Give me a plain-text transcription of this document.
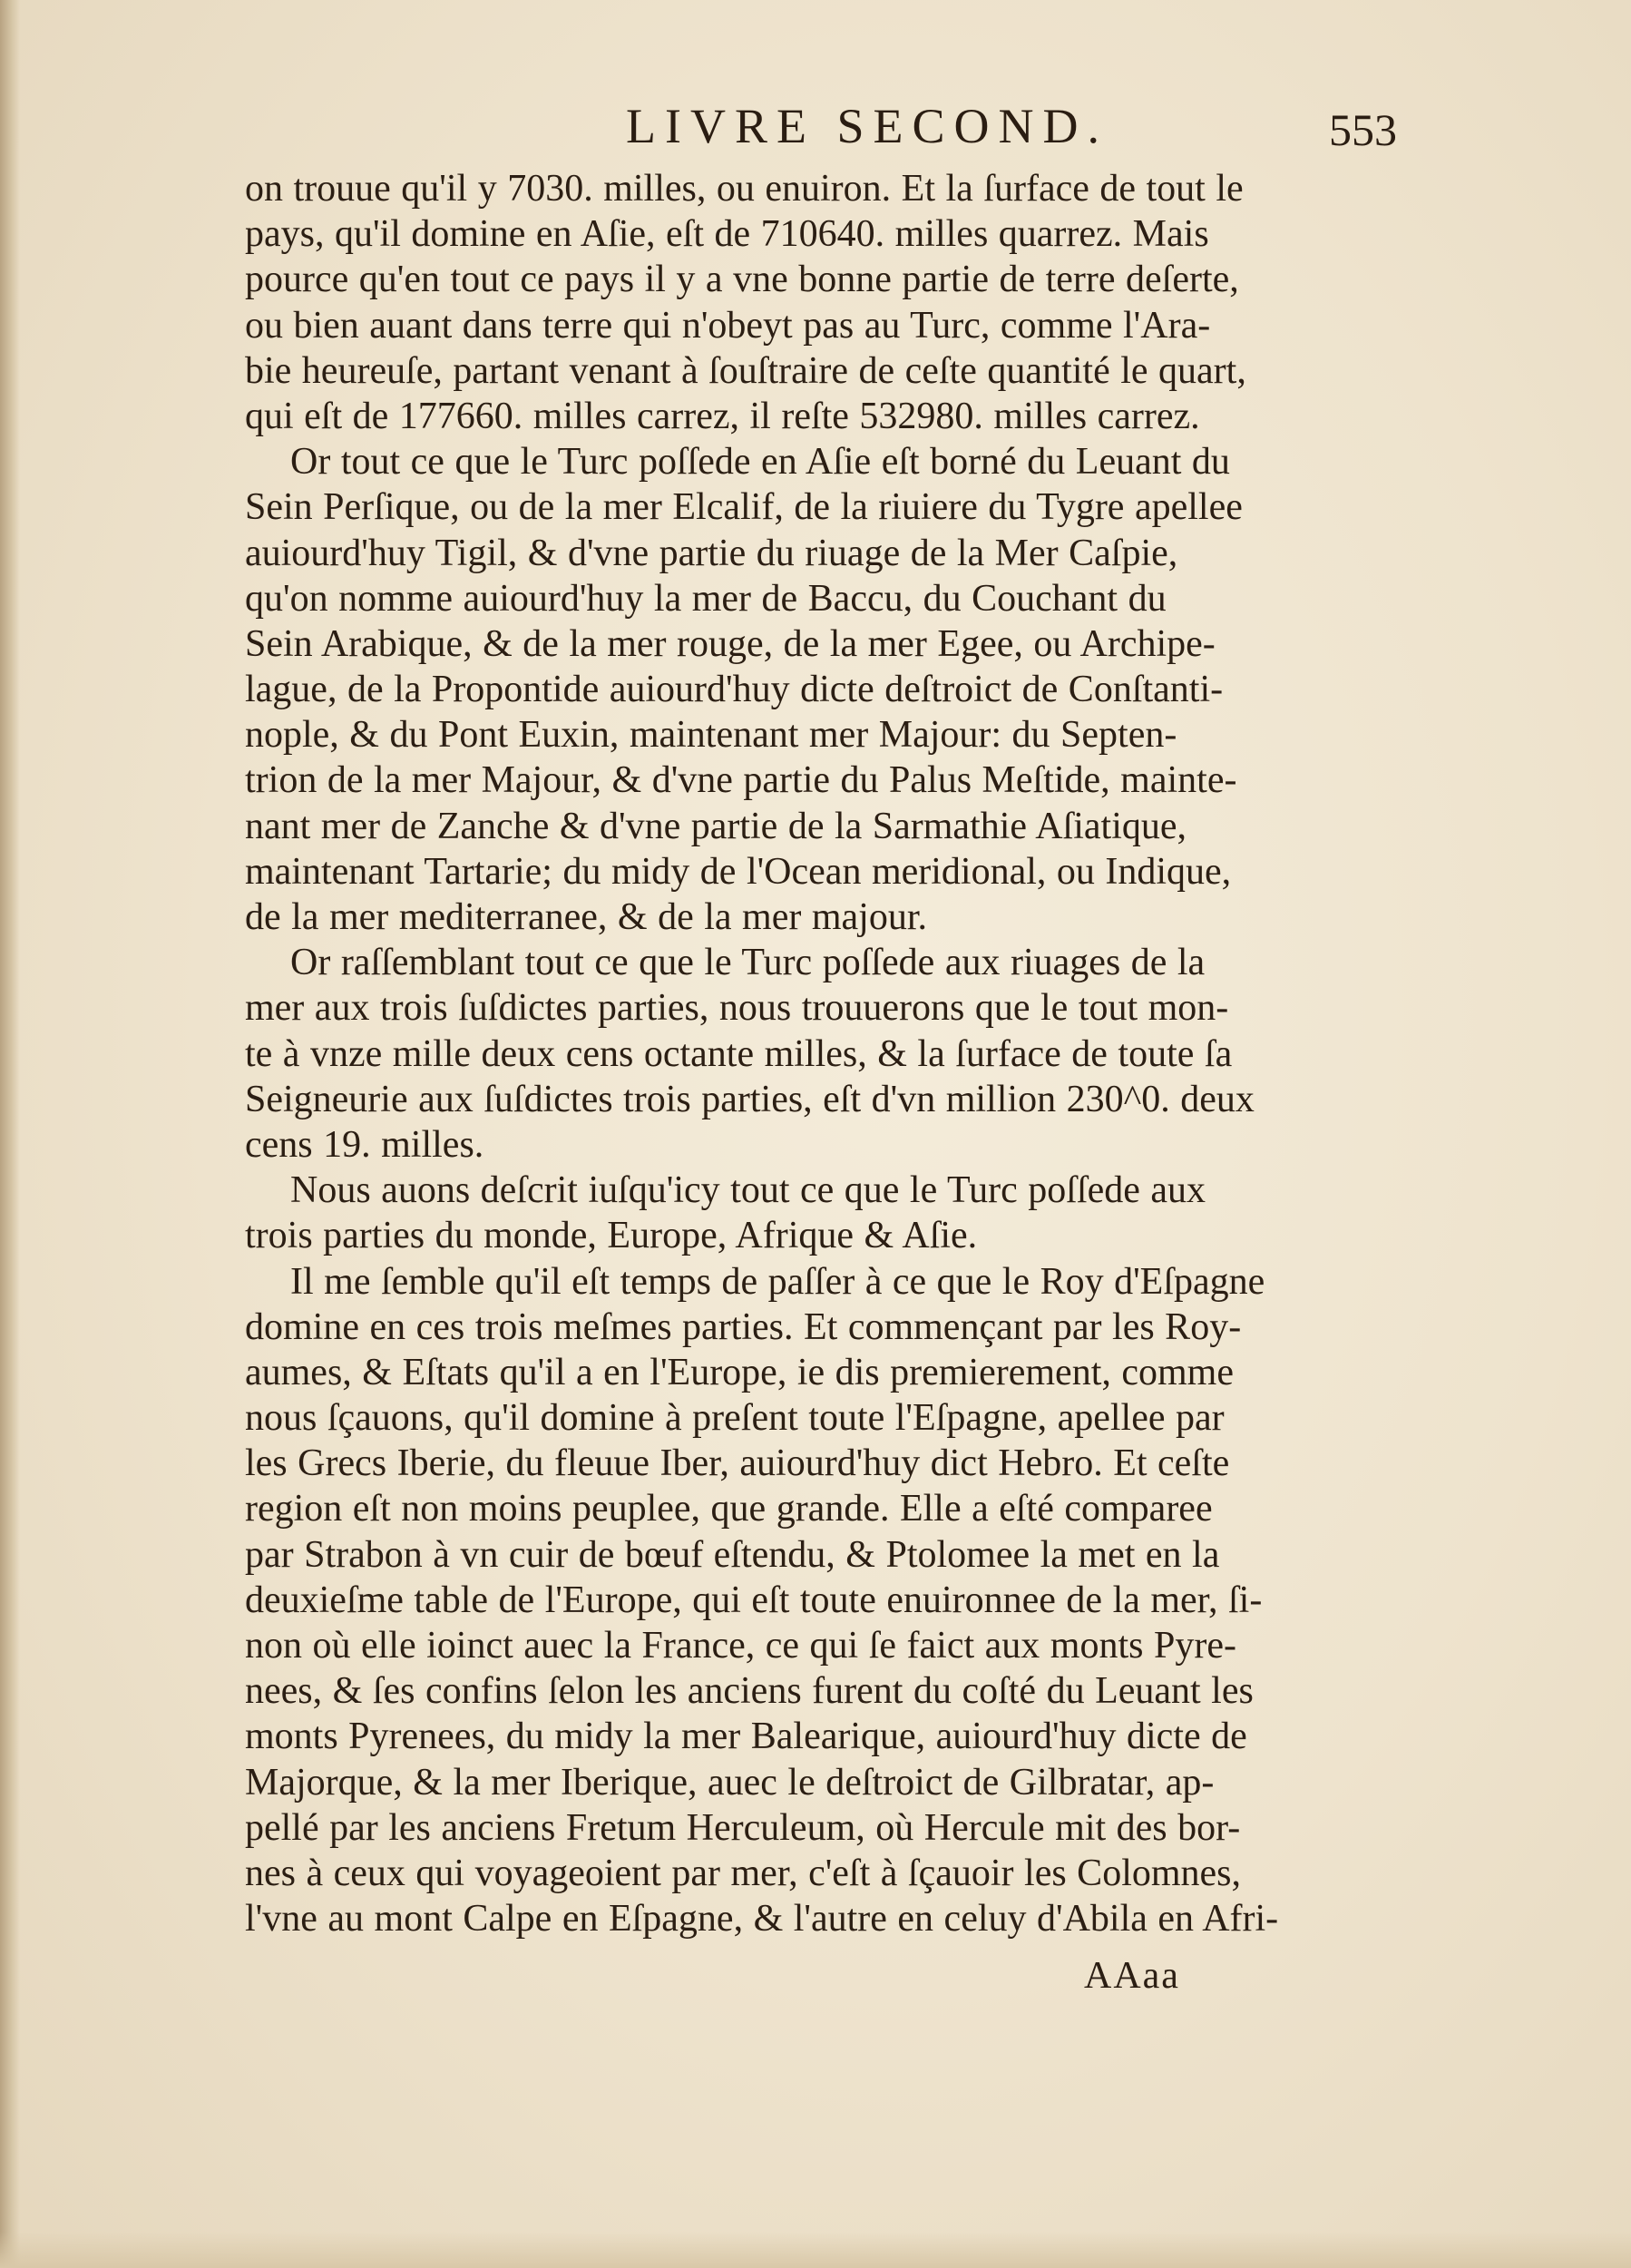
LIVRE SECOND.	553
on trouue qu'il y 7030. milles, ou enuiron. Et la ſurface de tout le
pays, qu'il domine en Aſie, eſt de 710640. milles quarrez. Mais
pource qu'en tout ce pays il y a vne bonne partie de terre deſerte,
ou bien auant dans terre qui n'obeyt pas au Turc, comme l'Ara-
bie heureuſe, partant venant à ſouſtraire de ceſte quantité le quart,
qui eſt de 177660. milles carrez, il reſte 532980. milles carrez.
Or tout ce que le Turc poſſede en Aſie eſt borné du Leuant du
Sein Perſique, ou de la mer Elcalif, de la riuiere du Tygre apellee
auiourd'huy Tigil, & d'vne partie du riuage de la Mer Caſpie,
qu'on nomme auiourd'huy la mer de Baccu, du Couchant du
Sein Arabique, & de la mer rouge, de la mer Egee, ou Archipe-
lague, de la Propontide auiourd'huy dicte deſtroict de Conſtanti-
nople, & du Pont Euxin, maintenant mer Majour: du Septen-
trion de la mer Majour, & d'vne partie du Palus Meſtide, mainte-
nant mer de Zanche & d'vne partie de la Sarmathie Aſiatique,
maintenant Tartarie; du midy de l'Ocean meridional, ou Indique,
de la mer mediterranee, & de la mer majour.
Or raſſemblant tout ce que le Turc poſſede aux riuages de la
mer aux trois ſuſdictes parties, nous trouuerons que le tout mon-
te à vnze mille deux cens octante milles, & la ſurface de toute ſa
Seigneurie aux ſuſdictes trois parties, eſt d'vn million 230^0. deux
cens 19. milles.
Nous auons deſcrit iuſqu'icy tout ce que le Turc poſſede aux
trois parties du monde, Europe, Afrique & Aſie.
Il me ſemble qu'il eſt temps de paſſer à ce que le Roy d'Eſpagne
domine en ces trois meſmes parties. Et commençant par les Roy-
aumes, & Eſtats qu'il a en l'Europe, ie dis premierement, comme
nous ſçauons, qu'il domine à preſent toute l'Eſpagne, apellee par
les Grecs Iberie, du fleuue Iber, auiourd'huy dict Hebro. Et ceſte
region eſt non moins peuplee, que grande. Elle a eſté comparee
par Strabon à vn cuir de bœuf eſtendu, & Ptolomee la met en la
deuxieſme table de l'Europe, qui eſt toute enuironnee de la mer, ſi-
non où elle ioinct auec la France, ce qui ſe faict aux monts Pyre-
nees, & ſes confins ſelon les anciens furent du coſté du Leuant les
monts Pyrenees, du midy la mer Balearique, auiourd'huy dicte de
Majorque, & la mer Iberique, auec le deſtroict de Gilbratar, ap-
pellé par les anciens Fretum Herculeum, où Hercule mit des bor-
nes à ceux qui voyageoient par mer, c'eſt à ſçauoir les Colomnes,
l'vne au mont Calpe en Eſpagne, & l'autre en celuy d'Abila en Afri-
AAaa
